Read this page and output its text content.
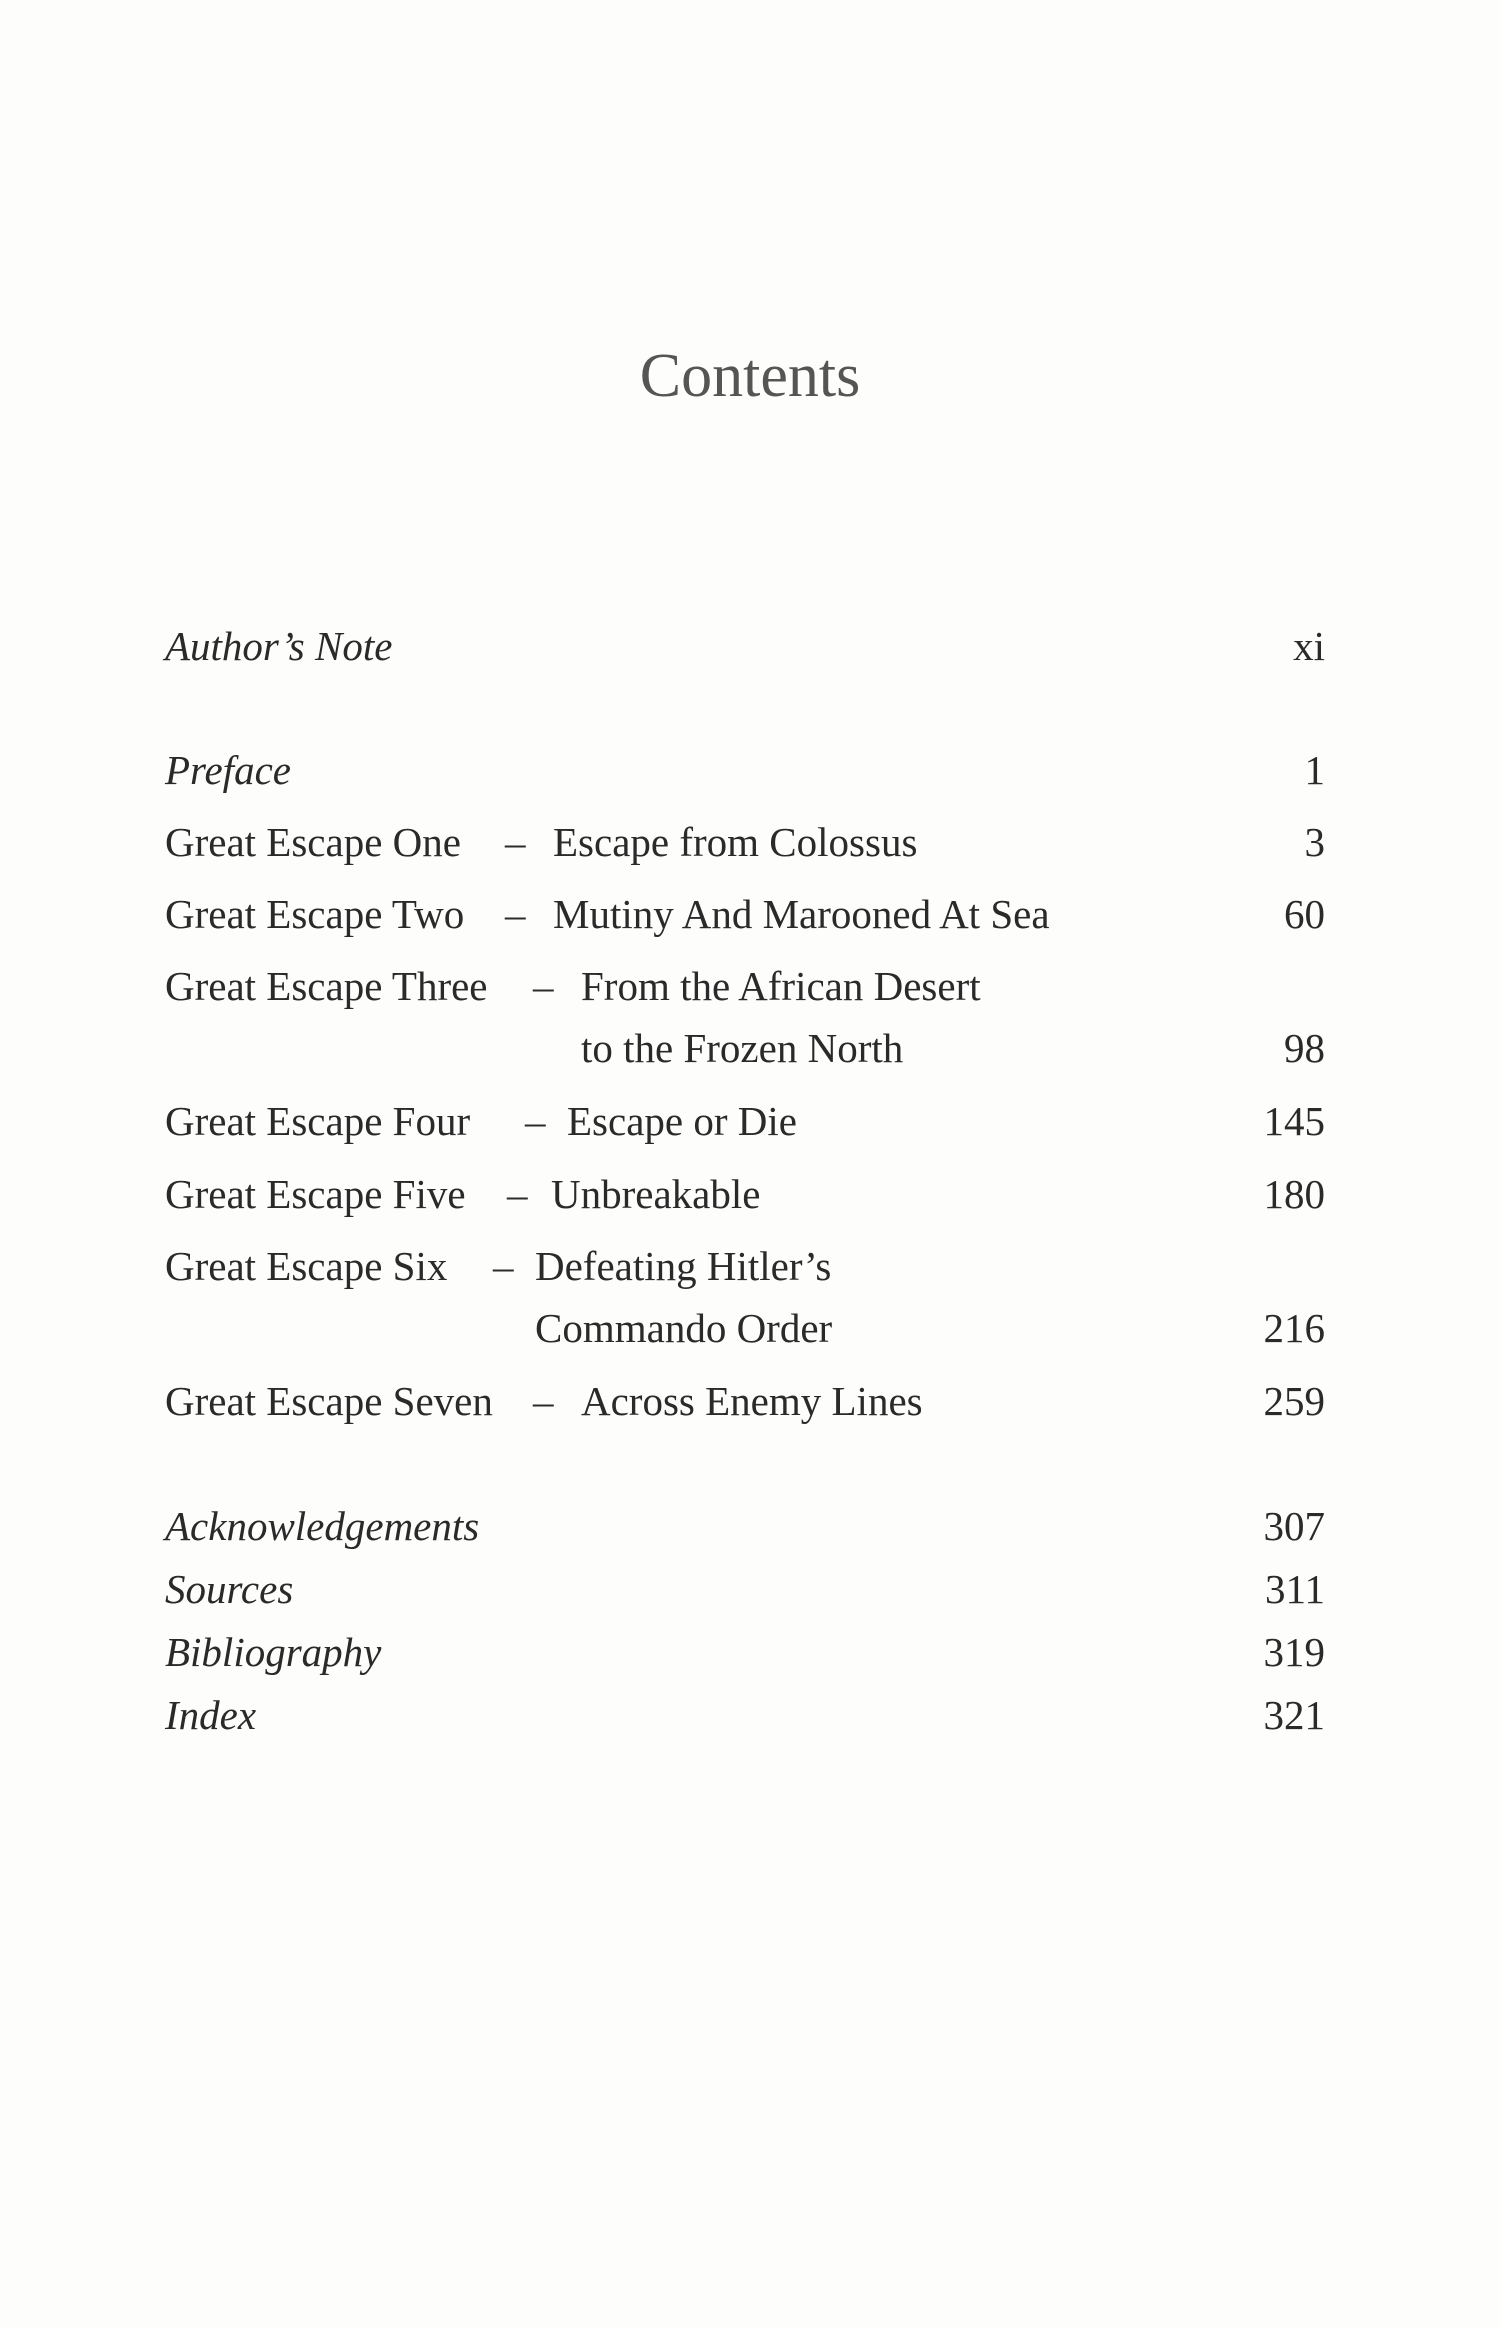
Contents
Author’s Note	xi
Preface	1
Great Escape One – Escape from Colossus	3
Great Escape Two – Mutiny And Marooned At Sea	60
Great Escape Three – From the African Desert
to the Frozen North	98
Great Escape Four – Escape or Die	145
Great Escape Five – Unbreakable	180
Great Escape Six – Defeating Hitler’s
Commando Order	216
Great Escape Seven – Across Enemy Lines	259
Acknowledgements	307
Sources	311
Bibliography	319
Index	321
